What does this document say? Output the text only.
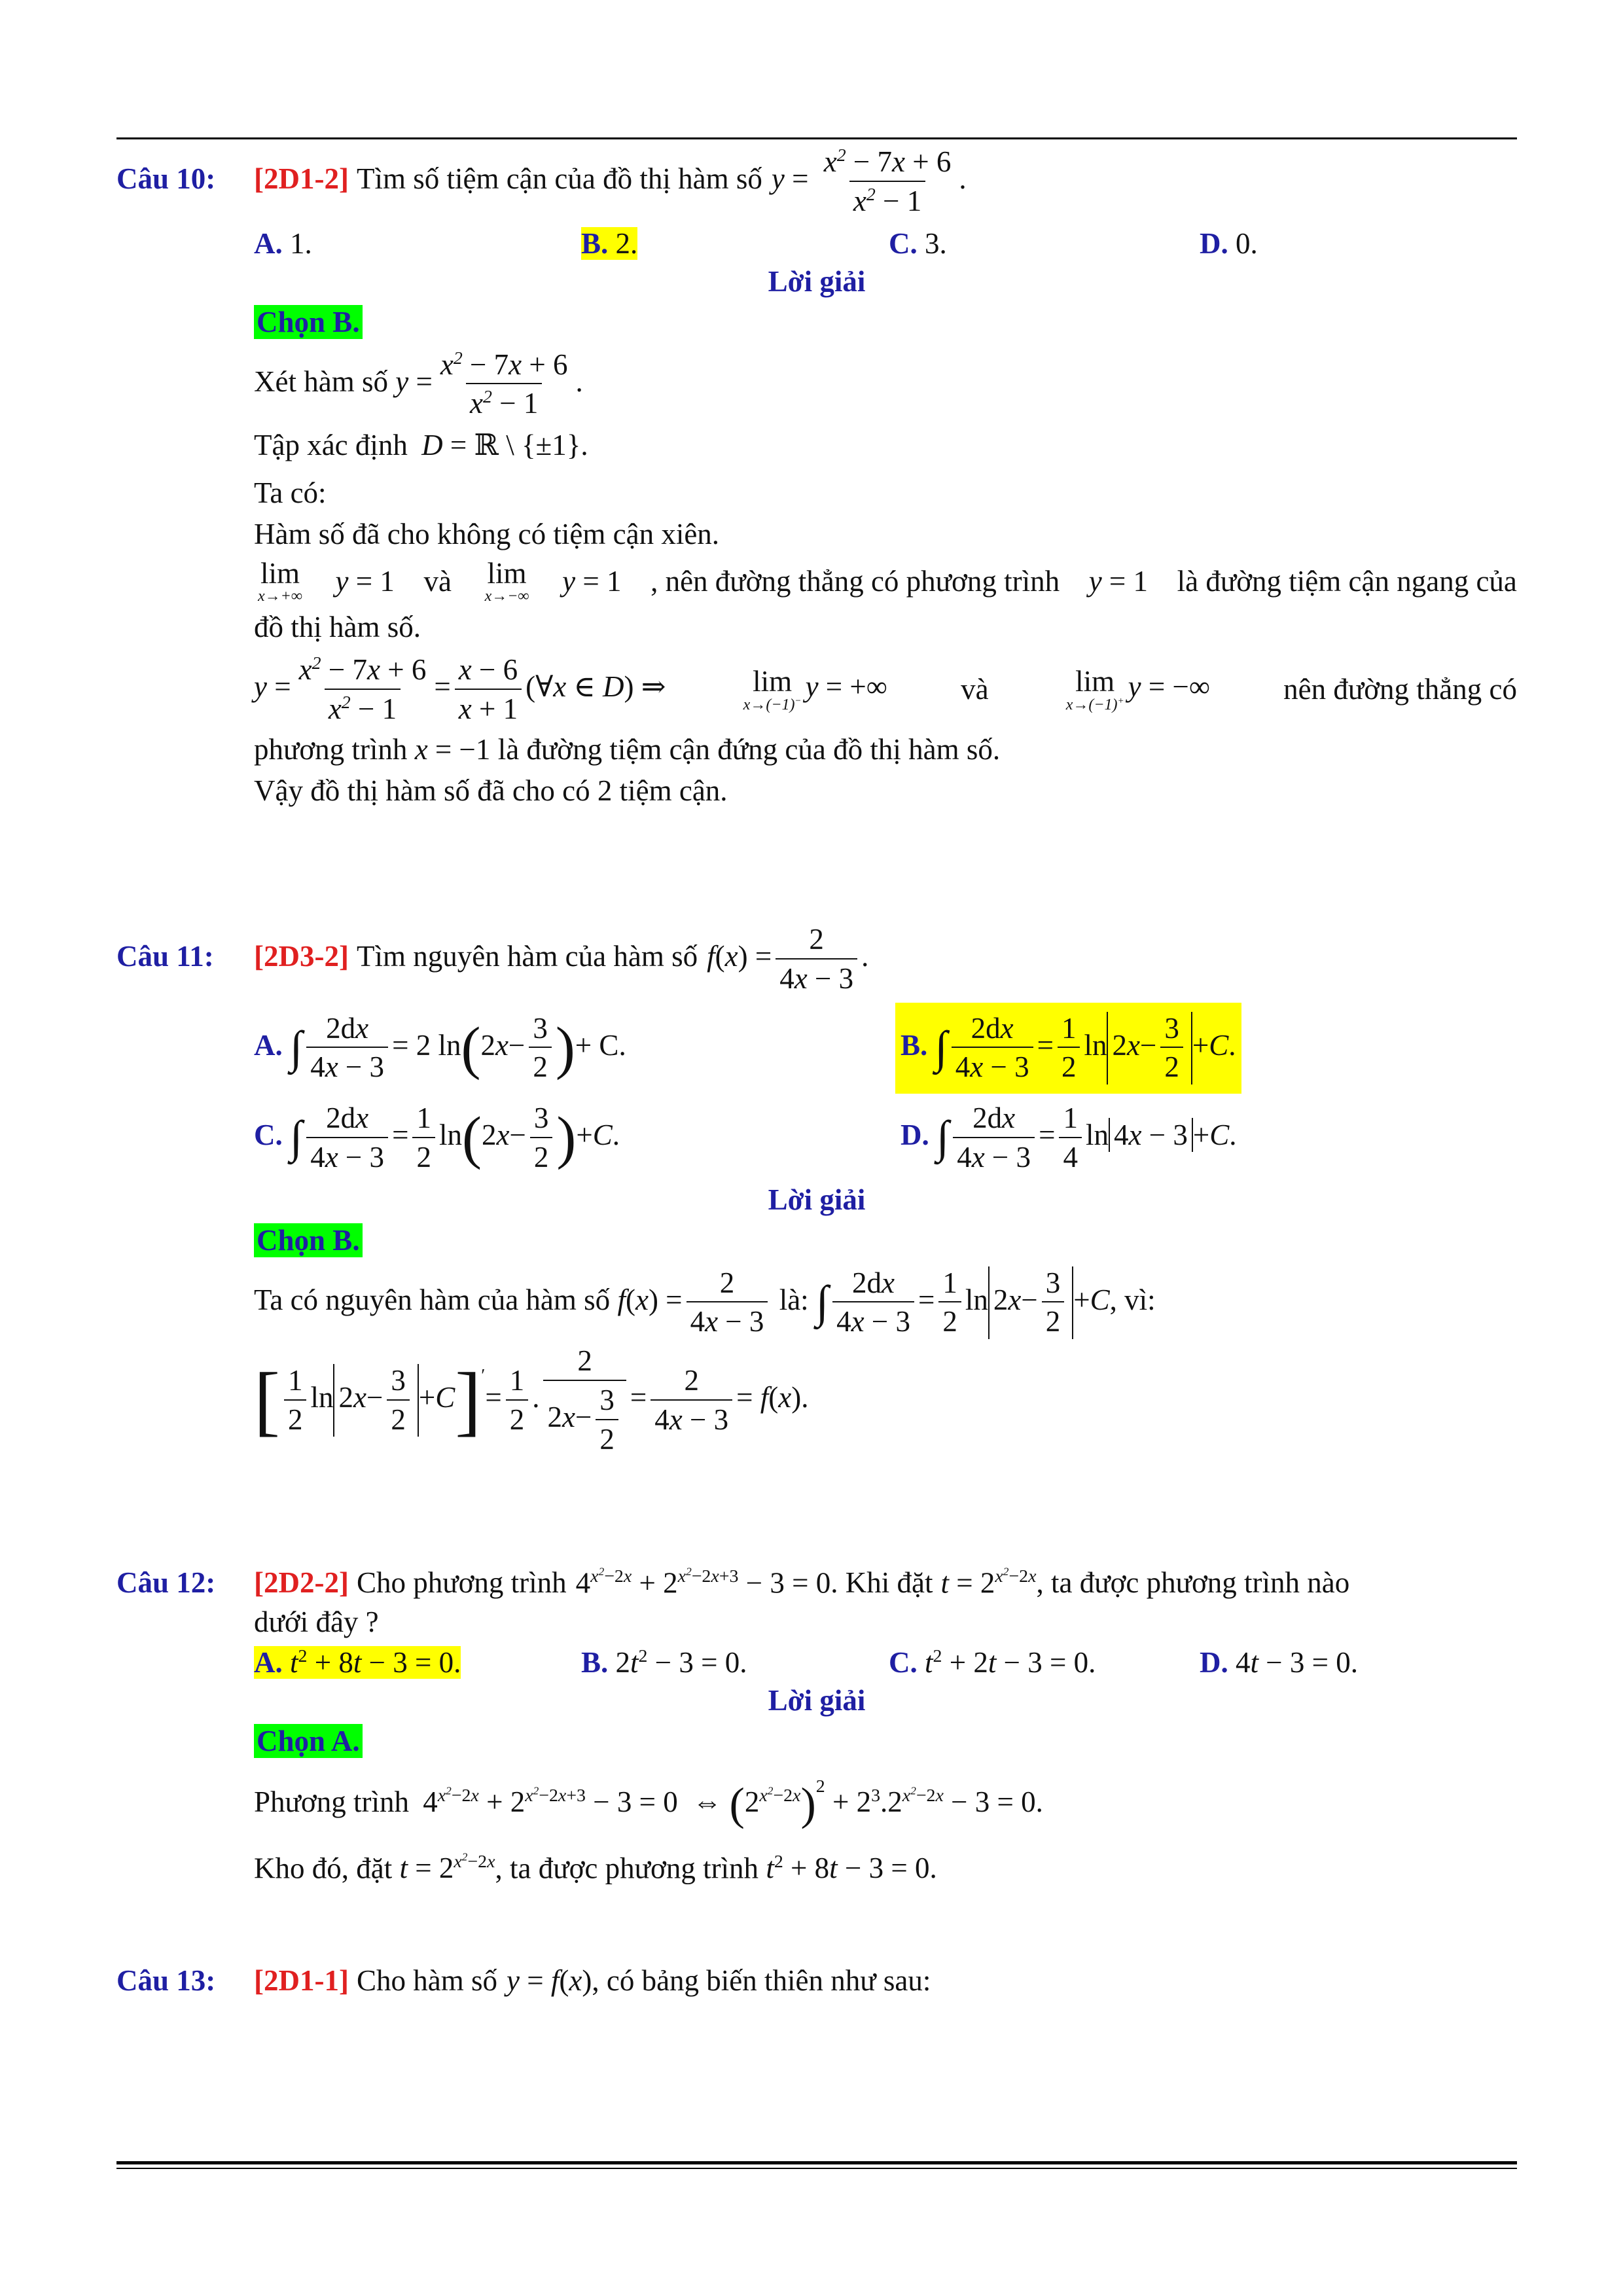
Câu 10:	[2D1-2] Tìm số tiệm cận của đồ thị hàm số $y = \frac{x^2 - 7x + 6}{x^2 - 1}$ .
A. 1.	B. 2.	C. 3.	D. 0.
Lời giải
Chọn B.
Xét hàm số $y = \frac{x^2 - 7x + 6}{x^2 - 1}$ .
Tập xác định D = ℝ \ {±1}.
Ta có:
Hàm số đã cho không có tiệm cận xiên.
lim
x→+∞ y = 1 và lim
x→−∞ y = 1 , nên đường thẳng có phương trình y = 1 là đường tiệm cận ngang của
đồ thị hàm số.
$y = \frac{x^2 - 7x + 6}{x^2 - 1} = \frac{x - 6}{x + 1}$ (∀x ∈ D) ⇒	lim
x→(−1)− y = +∞ và	lim
x→(−1)+ y = −∞ nên đường thẳng có
phương trình x = −1 là đường tiệm cận đứng của đồ thị hàm số.
Vậy đồ thị hàm số đã cho có 2 tiệm cận.
Câu 11:	[2D3-2] Tìm nguyên hàm của hàm số $f(x) = \frac{2}{4x - 3}$ .
A. ∫ $\frac{2dx}{4x - 3} = 2$ $\ln(2x- \frac{3}{2}$ )+ C.	B. ∫ $\frac{2dx}{4x - 3} = \frac{1}{2}$ $\ln 2x- \frac{3}{2} +C$.
C. ∫ $\frac{2dx}{4x - 3} = \frac{1}{2} \ln(2x- \frac{3}{2} )+C$.	D. ∫ $\frac{2dx}{4x - 3} = \frac{1}{4}$ ln 4x − 3 +C.
Lời giải
Chọn B.
Ta có nguyên hàm của hàm số $f(x) = \frac{2}{4x - 3}$ là: ∫ $\frac{2dx}{4x - 3} = \frac{1}{2}$ $\ln 2x- \frac{3}{2} +C$, vì:
[ $\frac{1}{2}$ $\ln 2x- \frac{3}{2} +C]'= \frac{1}{2}$ . $\frac{2}{2x- \frac{3}{2}} = \frac{2}{4x - 3} = f(x)$.
Câu 12:	[2D2-2] Cho phương trình $4^{x^2-2x} + 2^{x^2-2x+3} - 3 = 0$ . Khi đặt $t = 2^{x^2-2x}$ , ta được phương trình nào
dưới đây ?
A. $t^2 + 8t - 3 = 0$.	B. $2t^2 - 3 = 0$.	C. $t^2 + 2t - 3 = 0$.	D. 4t − 3 = 0.
Lời giải
Chọn A.
Phương trình $4^{x^2-2x} + 2^{x^2-2x+3} - 3 = 0$  ⇔ $(2^{x^2-2x})^2 + 2^3.2^{x^2-2x} - 3 = 0$.
Kho đó, đặt $t = 2^{x^2-2x}$, ta được phương trình $t^2 + 8t - 3 = 0$.
Câu 13:	[2D1-1] Cho hàm số y = f(x) , có bảng biến thiên như sau:
